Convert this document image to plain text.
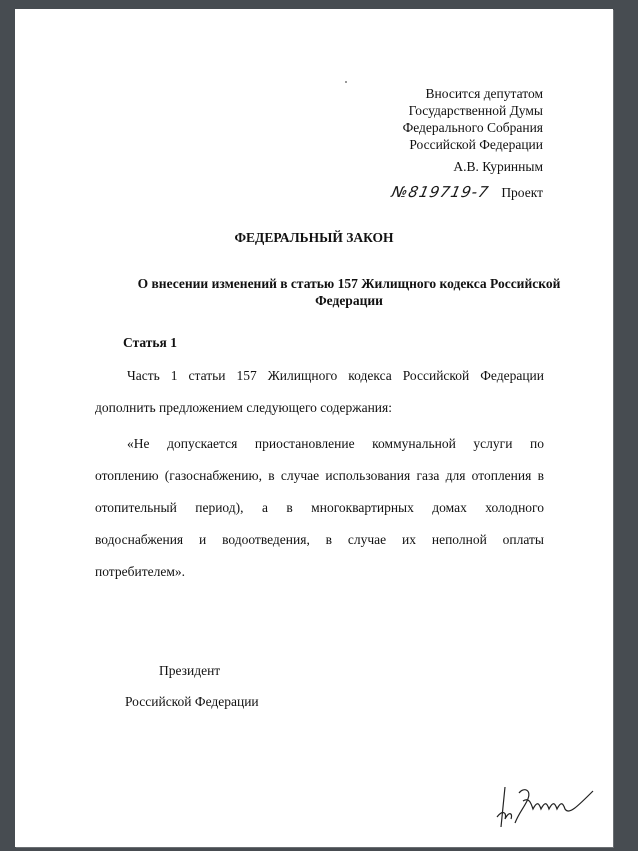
Вносится депутатом
Государственной Думы
Федерального Собрания
Российской Федерации
А.В. Куринным
№819719-7 Проект
ФЕДЕРАЛЬНЫЙ ЗАКОН
О внесении изменений в статью 157 Жилищного кодекса Российской
Федерации
Статья 1
Часть 1 статьи 157 Жилищного кодекса Российской Федерации
дополнить предложением следующего содержания:
«Не допускается приостановление коммунальной услуги по
отоплению (газоснабжению, в случае использования газа для отопления в
отопительный период), а в многоквартирных домах холодного
водоснабжения и водоотведения, в случае их неполной оплаты
потребителем».
Президент
Российской Федерации
